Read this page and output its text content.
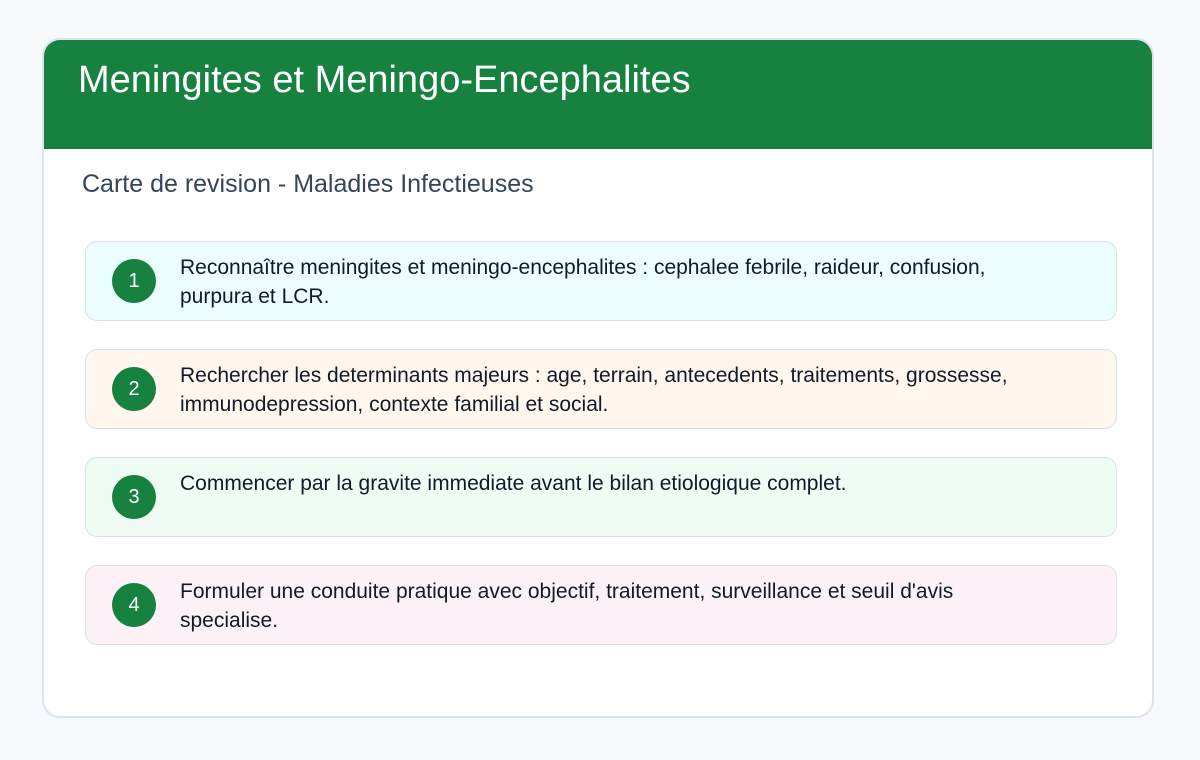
Meningites et Meningo-Encephalites

Carte de revision - Maladies Infectieuses

1

Reconnaître meningites et meningo-encephalites : cephalee febrile, raideur, confusion, purpura et LCR.

2

Rechercher les determinants majeurs : age, terrain, antecedents, traitements, grossesse, immunodepression, contexte familial et social.

3

Commencer par la gravite immediate avant le bilan etiologique complet.

4

Formuler une conduite pratique avec objectif, traitement, surveillance et seuil d'avis specialise.
